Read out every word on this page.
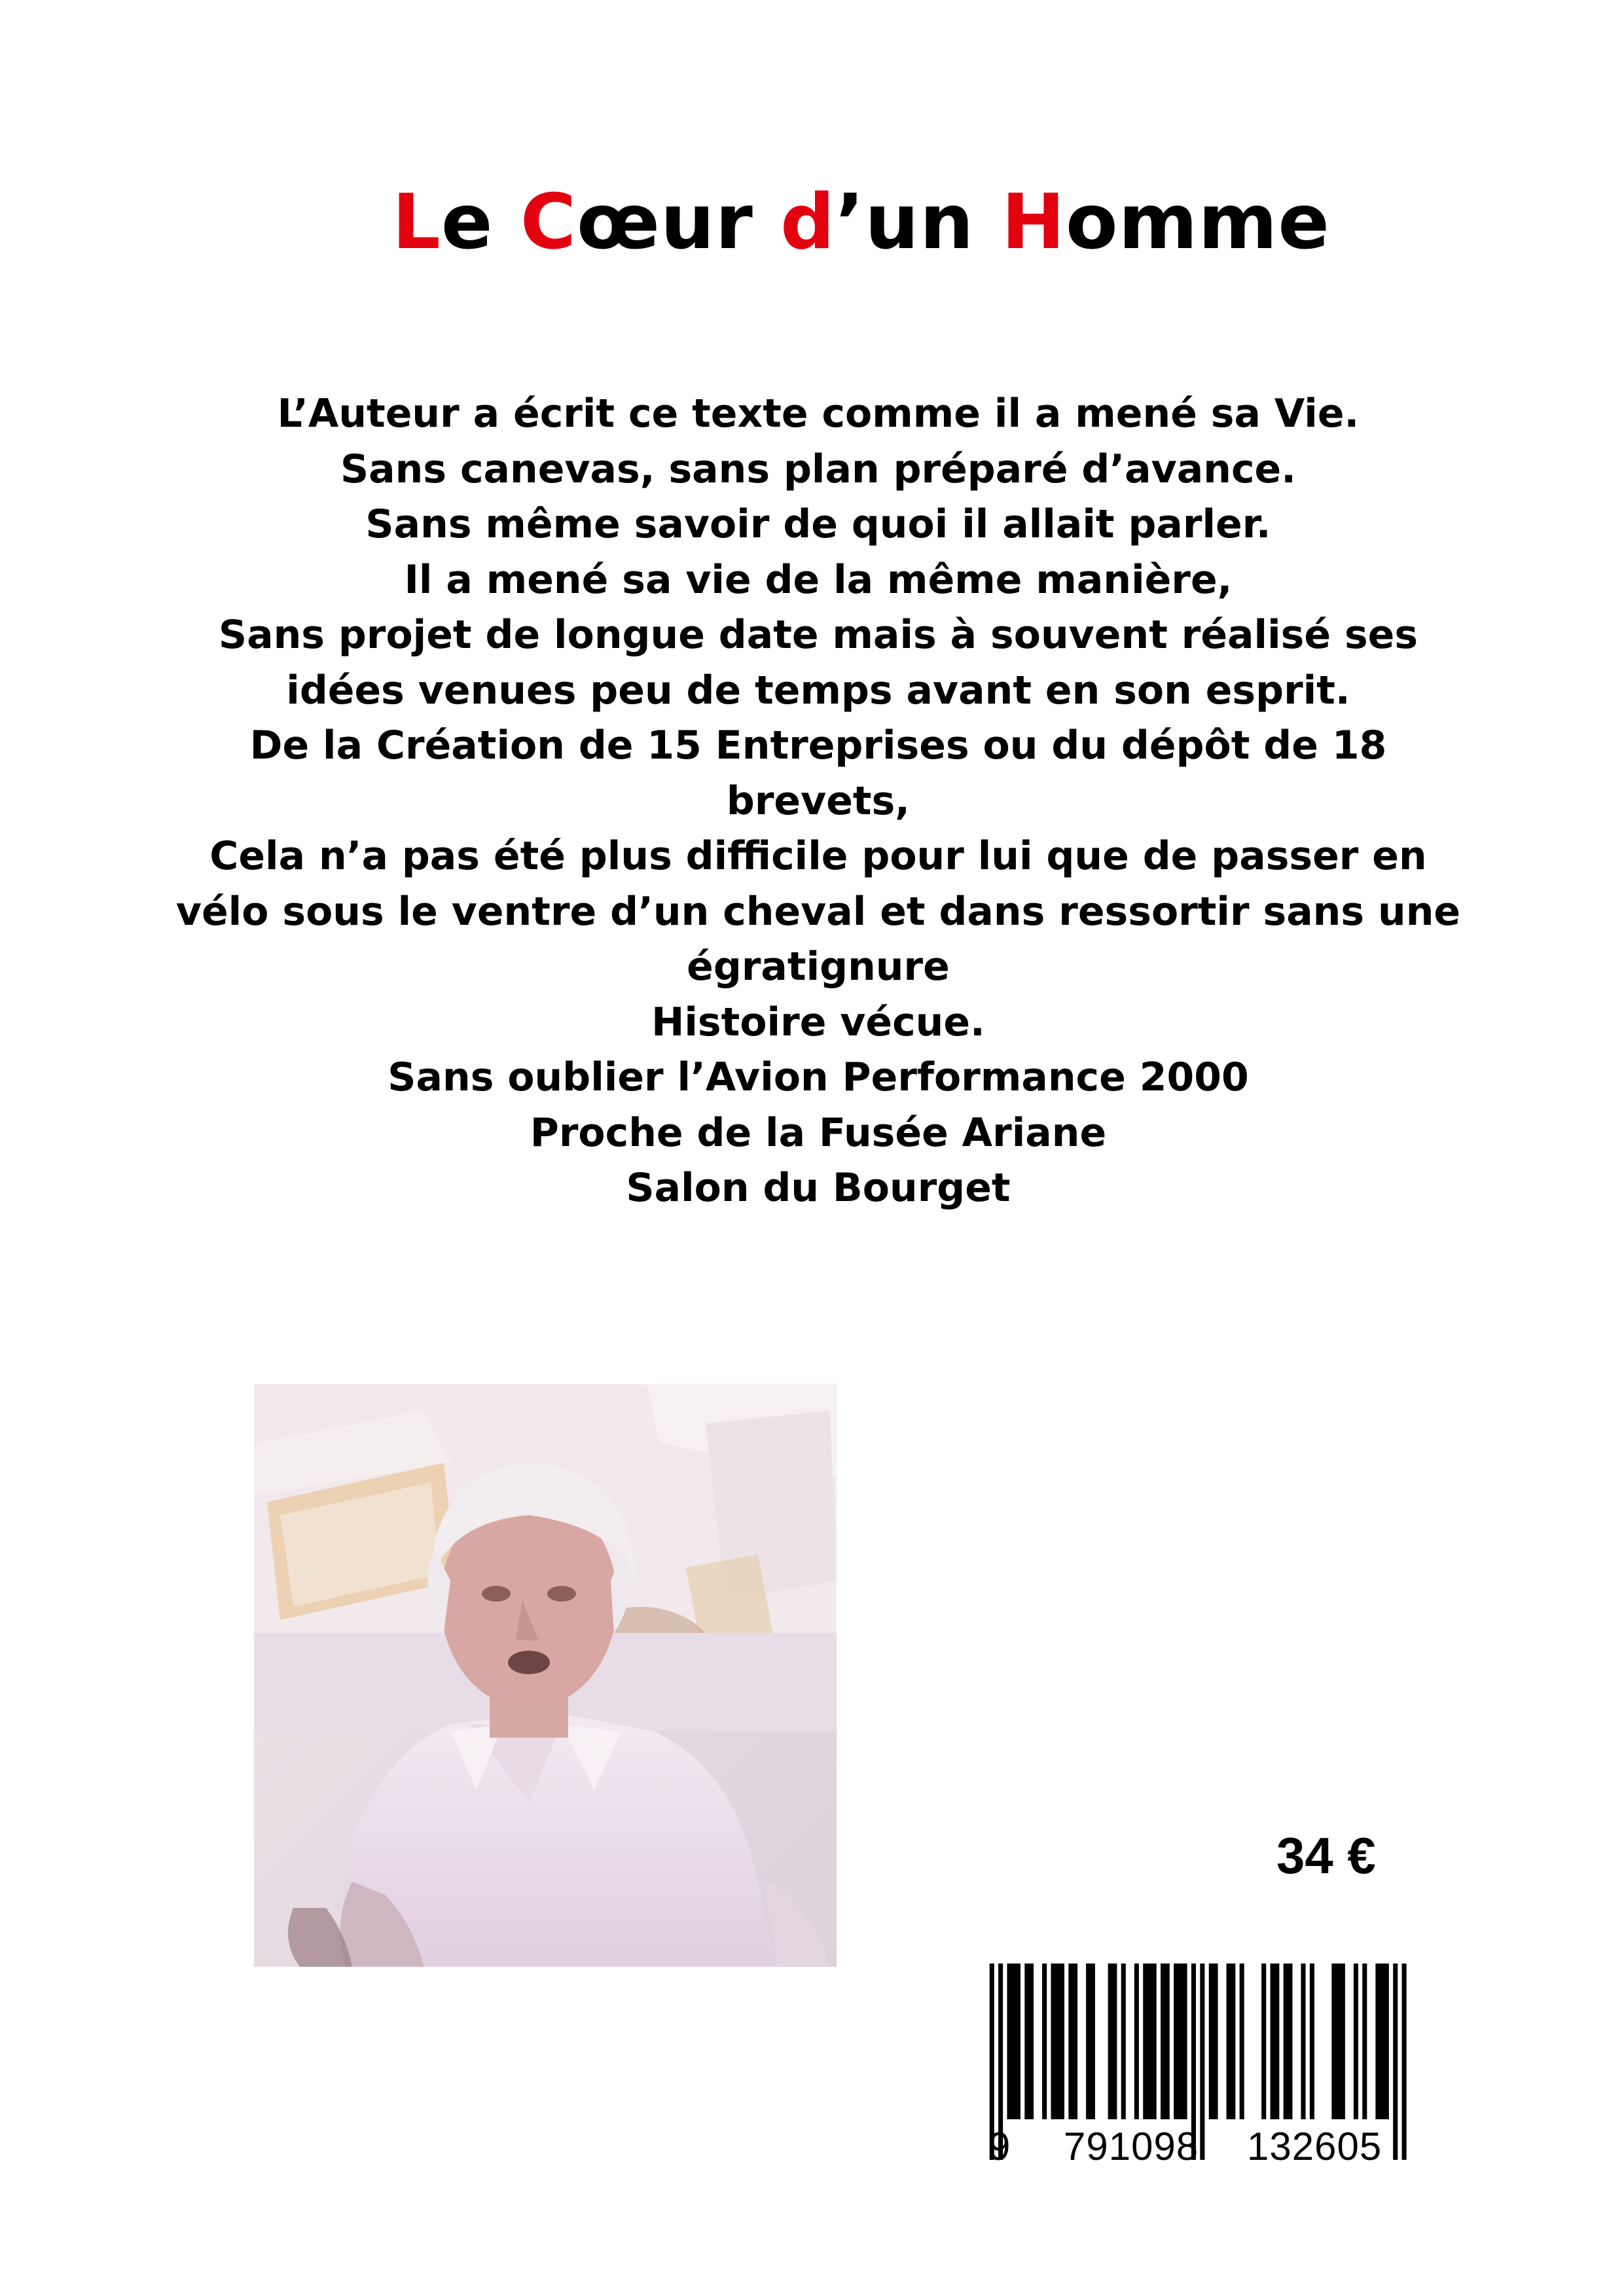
Le Cœur d’un Homme
L’Auteur a écrit ce texte comme il a mené sa Vie.
Sans canevas, sans plan préparé d’avance.
Sans même savoir de quoi il allait parler.
Il a mené sa vie de la même manière,
Sans projet de longue date mais à souvent réalisé ses
idées venues peu de temps avant en son esprit.
De la Création de 15 Entreprises ou du dépôt de 18
brevets,
Cela n’a pas été plus difficile pour lui que de passer en
vélo sous le ventre d’un cheval et dans ressortir sans une
égratignure
Histoire vécue.
Sans oublier l’Avion Performance 2000
Proche de la Fusée Ariane
Salon du Bourget
34 €
9 791098 132605
